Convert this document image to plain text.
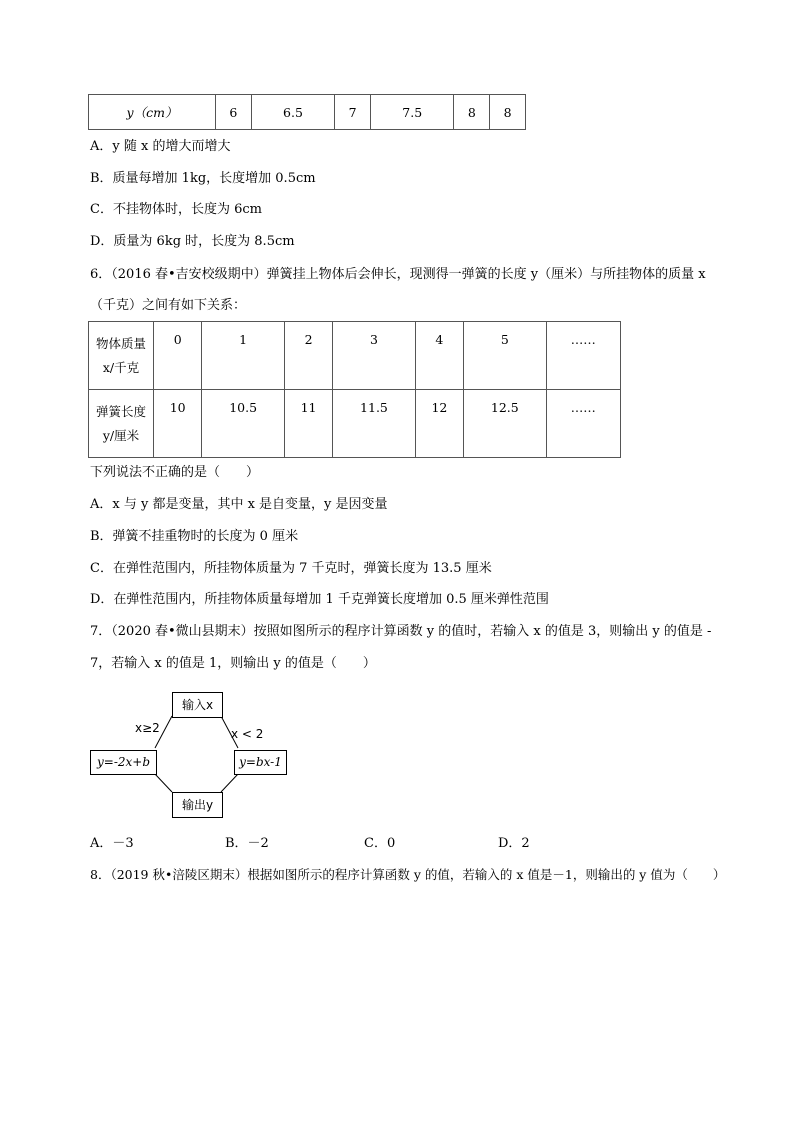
y（cm）	6	6.5	7	7.5	8	8
A．y 随 x 的增大而增大
B．质量每增加 1kg，长度增加 0.5cm
C．不挂物体时，长度为 6cm
D．质量为 6kg 时，长度为 8.5cm
6．（2016 春•吉安校级期中）弹簧挂上物体后会伸长，现测得一弹簧的长度 y（厘米）与所挂物体的质量 x
（千克）之间有如下关系：
物体质量
x/千克	0	1	2	3	4	5	……

弹簧长度
y/厘米	10	10.5	11	11.5	12	12.5	……
下列说法不正确的是（　　）
A．x 与 y 都是变量，其中 x 是自变量，y 是因变量
B．弹簧不挂重物时的长度为 0 厘米
C．在弹性范围内，所挂物体质量为 7 千克时，弹簧长度为 13.5 厘米
D．在弹性范围内，所挂物体质量每增加 1 千克弹簧长度增加 0.5 厘米弹性范围
7．（2020 春•微山县期末）按照如图所示的程序计算函数 y 的值时，若输入 x 的值是 3，则输出 y 的值是 -
7，若输入 x 的值是 1，则输出 y 的值是（　　）
输入x
输出y
y=-2x+b	y=bx-1
x≥2	x < 2
A．－3	B．－2	C．0	D．2
8．（2019 秋•涪陵区期末）根据如图所示的程序计算函数 y 的值，若输入的 x 值是－1，则输出的 y 值为（　　）
